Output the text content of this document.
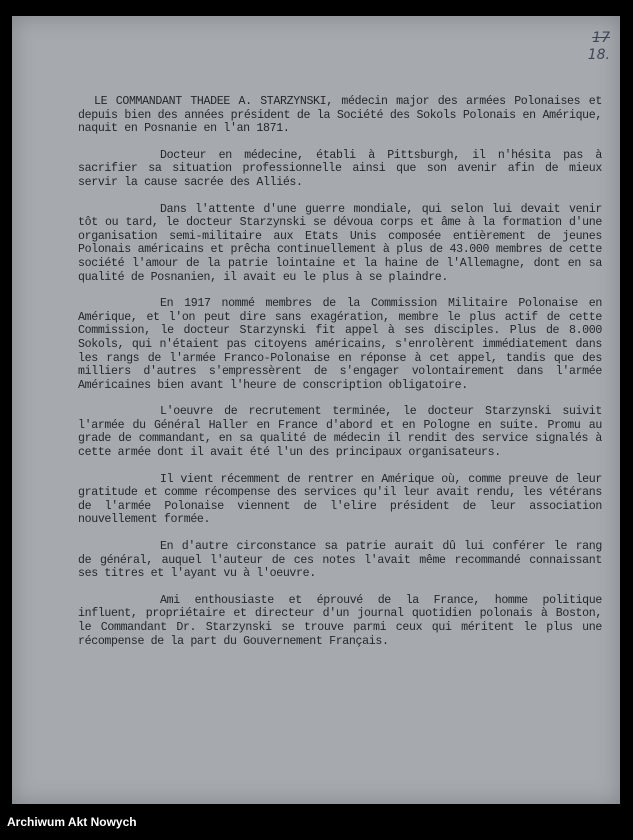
17
18.

LE COMMANDANT THADEE A. STARZYNSKI, médecin major des armées Polonaises et depuis bien des années président de la Société des Sokols Polonais en Amérique, naquit en Posnanie en l'an 1871.

Docteur en médecine, établi à Pittsburgh, il n'hésita pas à sacrifier sa situation professionnelle ainsi que son avenir afin de mieux servir la cause sacrée des Alliés.

Dans l'attente d'une guerre mondiale, qui selon lui devait venir tôt ou tard, le docteur Starzynski se dévoua corps et âme à la formation d'une organisation semi-militaire aux Etats Unis composée entièrement de jeunes Polonais américains et prêcha continuellement à plus de 43.000 membres de cette société l'amour de la patrie lointaine et la haine de l'Allemagne, dont en sa qualité de Posnanien, il avait eu le plus à se plaindre.

En 1917 nommé membres de la Commission Militaire Polonaise en Amérique, et l'on peut dire sans exagération, membre le plus actif de cette Commission, le docteur Starzynski fit appel à ses disciples. Plus de 8.000 Sokols, qui n'étaient pas citoyens américains, s'enrolèrent immédiatement dans les rangs de l'armée Franco-Polonaise en réponse à cet appel, tandis que des milliers d'autres s'empressèrent de s'engager volontairement dans l'armée Américaines bien avant l'heure de conscription obligatoire.

L'oeuvre de recrutement terminée, le docteur Starzynski suivit l'armée du Général Haller en France d'abord et en Pologne en suite. Promu au grade de commandant, en sa qualité de médecin il rendit des service signalés à cette armée dont il avait été l'un des principaux organisateurs.

Il vient récemment de rentrer en Amérique où, comme preuve de leur gratitude et comme récompense des services qu'il leur avait rendu, les vétérans de l'armée Polonaise viennent de l'elire président de leur association nouvellement formée.

En d'autre circonstance sa patrie aurait dû lui conférer le rang de général, auquel l'auteur de ces notes l'avait même recommandé connaissant ses titres et l'ayant vu à l'oeuvre.

Ami enthousiaste et éprouvé de la France, homme politique influent, propriétaire et directeur d'un journal quotidien polonais à Boston, le Commandant Dr. Starzynski se trouve parmi ceux qui méritent le plus une récompense de la part du Gouvernement Français.

Archiwum Akt Nowych
